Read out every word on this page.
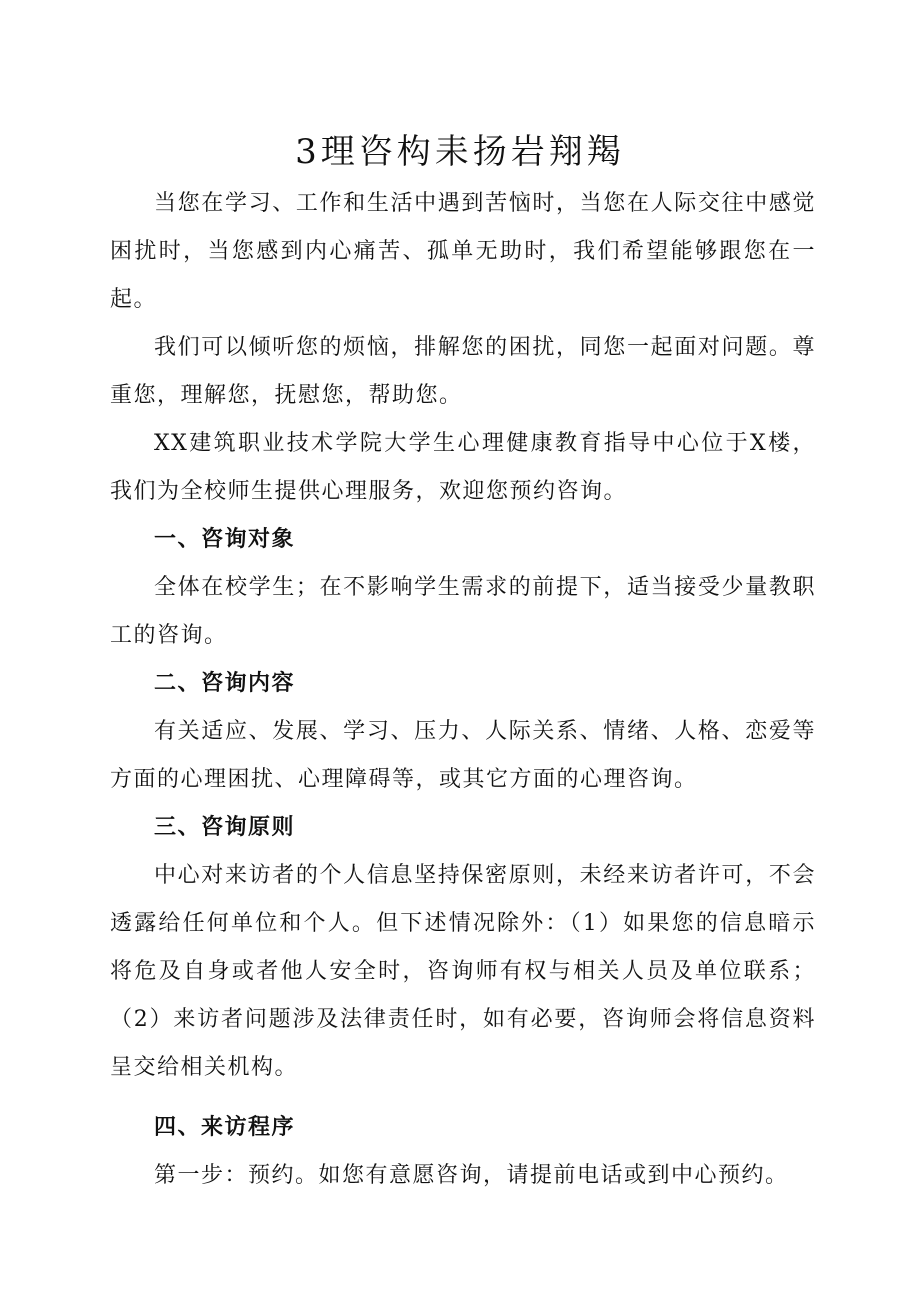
3理咨构耒扬岩翔羯

当您在学习、工作和生活中遇到苦恼时，当您在人际交往中感觉困扰时，当您感到内心痛苦、孤单无助时，我们希望能够跟您在一起。

我们可以倾听您的烦恼，排解您的困扰，同您一起面对问题。尊重您，理解您，抚慰您，帮助您。

XX建筑职业技术学院大学生心理健康教育指导中心位于X楼，我们为全校师生提供心理服务，欢迎您预约咨询。

一、咨询对象

全体在校学生；在不影响学生需求的前提下，适当接受少量教职工的咨询。

二、咨询内容

有关适应、发展、学习、压力、人际关系、情绪、人格、恋爱等方面的心理困扰、心理障碍等，或其它方面的心理咨询。

三、咨询原则

中心对来访者的个人信息坚持保密原则，未经来访者许可，不会透露给任何单位和个人。但下述情况除外：（1）如果您的信息暗示将危及自身或者他人安全时，咨询师有权与相关人员及单位联系；（2）来访者问题涉及法律责任时，如有必要，咨询师会将信息资料呈交给相关机构。

四、来访程序

第一步：预约。如您有意愿咨询，请提前电话或到中心预约。
